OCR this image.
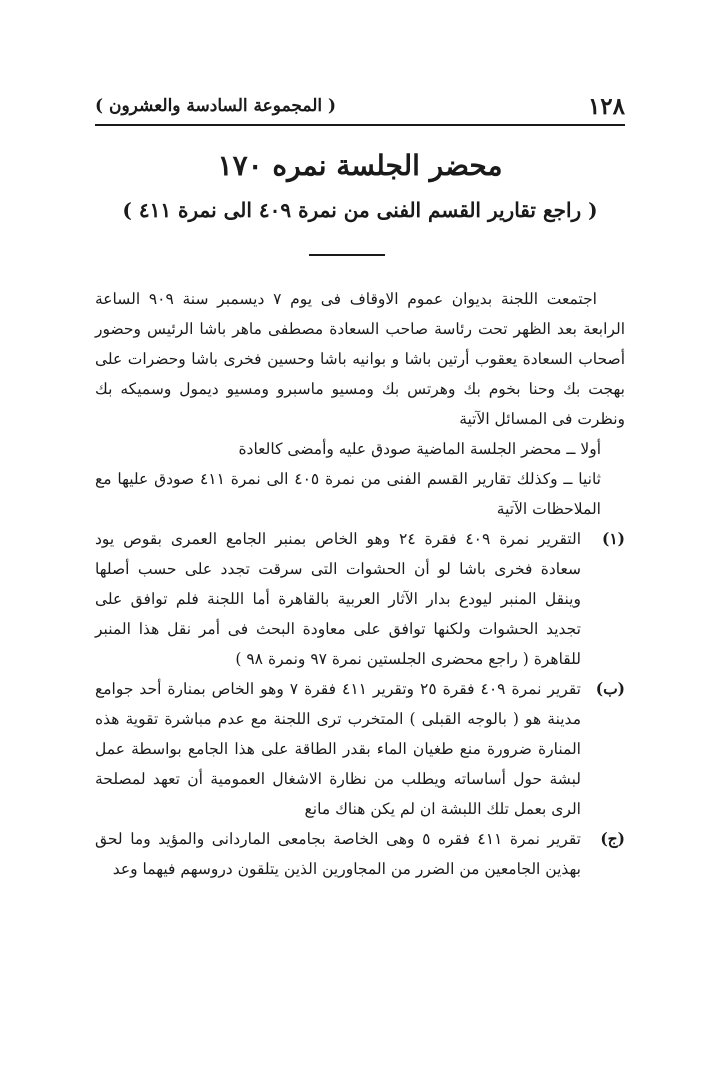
١٢٨
( المجموعة السادسة والعشرون )
محضر الجلسة نمره ١٧٠
( راجع تقارير القسم الفنى من نمرة ٤٠٩ الى نمرة ٤١١ )

اجتمعت اللجنة بديوان عموم الاوقاف فى يوم ٧ ديسمبر سنة ٩٠٩ الساعة الرابعة بعد الظهر تحت رئاسة صاحب السعادة مصطفى ماهر باشا الرئيس وحضور أصحاب السعادة يعقوب أرتين باشا و بوانيه باشا وحسين فخرى باشا وحضرات على بهجت بك وحنا بخوم بك وهرتس بك ومسيو ماسبرو ومسيو ديمول وسميكه بك ونظرت فى المسائل الآتية

أولا ــ محضر الجلسة الماضية صودق عليه وأمضى كالعادة

ثانيا ــ وكذلك تقارير القسم الفنى من نمرة ٤٠٥ الى نمرة ٤١١ صودق عليها مع الملاحظات الآتية

(١)
التقرير نمرة ٤٠٩ فقرة ٢٤ وهو الخاص بمنبر الجامع العمرى بقوص يود سعادة فخرى باشا لو أن الحشوات التى سرقت تجدد على حسب أصلها وينقل المنبر ليودع بدار الآثار العربية بالقاهرة أما اللجنة فلم توافق على تجديد الحشوات ولكنها توافق على معاودة البحث فى أمر نقل هذا المنبر للقاهرة ( راجع محضرى الجلستين نمرة ٩٧ ونمرة ٩٨ )
(ب)
تقرير نمرة ٤٠٩ فقرة ٢٥ وتقرير ٤١١ فقرة ٧ وهو الخاص بمنارة أحد جوامع مدينة هو ( بالوجه القبلى ) المتخرب ترى اللجنة مع عدم مباشرة تقوية هذه المنارة ضرورة منع طغيان الماء بقدر الطاقة على هذا الجامع بواسطة عمل لبشة حول أساساته ويطلب من نظارة الاشغال العمومية أن تعهد لمصلحة الرى بعمل تلك اللبشة ان لم يكن هناك مانع
(ج)
تقرير نمرة ٤١١ فقره ٥ وهى الخاصة بجامعى الماردانى والمؤيد وما لحق بهذين الجامعين من الضرر من المجاورين الذين يتلقون دروسهم فيهما وعد
